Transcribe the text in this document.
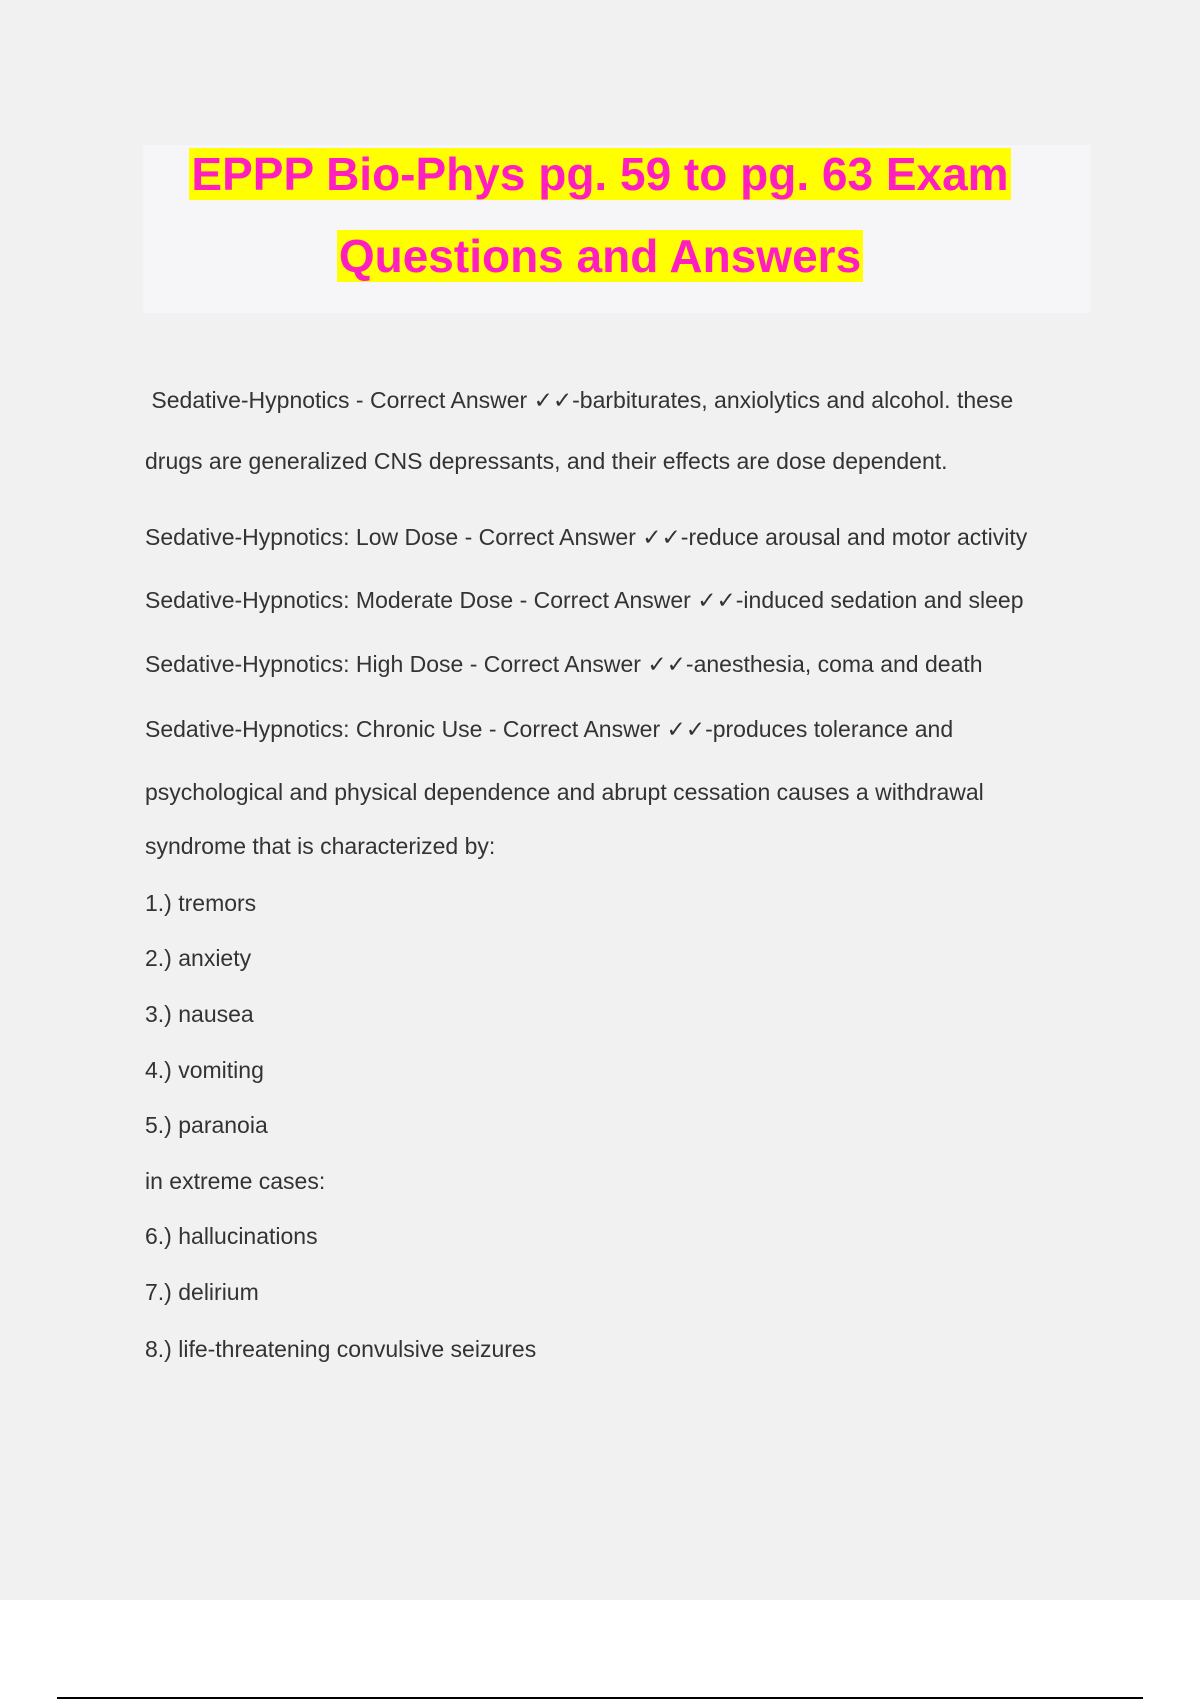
EPPP Bio-Phys pg. 59 to pg. 63 Exam
Questions and Answers
Sedative-Hypnotics - Correct Answer ✓✓-barbiturates, anxiolytics and alcohol. these
drugs are generalized CNS depressants, and their effects are dose dependent.
Sedative-Hypnotics: Low Dose - Correct Answer ✓✓-reduce arousal and motor activity
Sedative-Hypnotics: Moderate Dose - Correct Answer ✓✓-induced sedation and sleep
Sedative-Hypnotics: High Dose - Correct Answer ✓✓-anesthesia, coma and death
Sedative-Hypnotics: Chronic Use - Correct Answer ✓✓-produces tolerance and
psychological and physical dependence and abrupt cessation causes a withdrawal
syndrome that is characterized by:
1.) tremors
2.) anxiety
3.) nausea
4.) vomiting
5.) paranoia
in extreme cases:
6.) hallucinations
7.) delirium
8.) life-threatening convulsive seizures
